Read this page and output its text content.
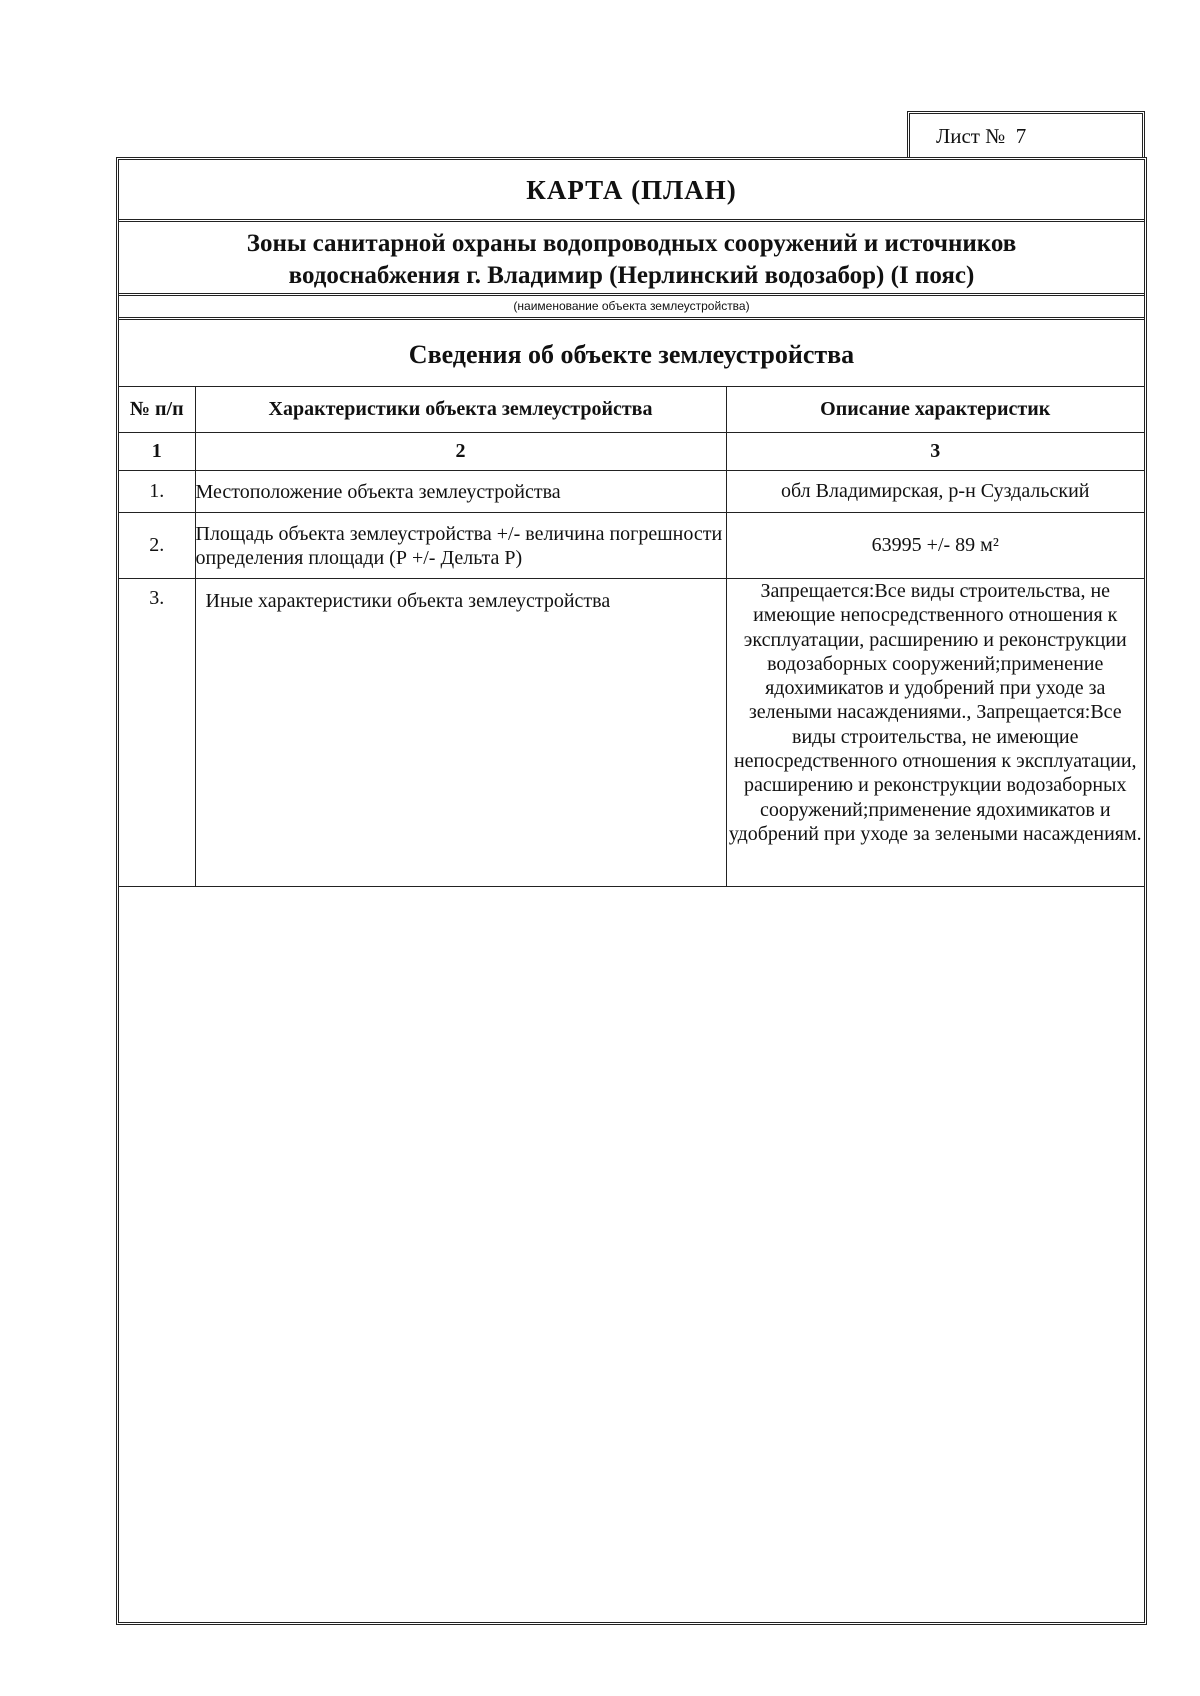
Лист № 7
КАРТА (ПЛАН)
Зоны санитарной охраны водопроводных сооружений и источников
водоснабжения г. Владимир (Нерлинский водозабор) (I пояс)
(наименование объекта землеустройства)
Сведения об объекте землеустройства
№ п/п	Характеристики объекта землеустройства	Описание характеристик
1	2	3
1.	Местоположение объекта землеустройства	обл Владимирская, р-н Суздальский
2.	Площадь объекта землеустройства +/- величина погрешности определения площади (Р +/- Дельта Р)	63995 +/- 89 м²
3.	Иные характеристики объекта землеустройства	Запрещается:Все виды строительства, не имеющие непосредственного отношения к эксплуатации, расширению и реконструкции водозаборных сооружений;применение ядохимикатов и удобрений при уходе за зелеными насаждениями., Запрещается:Все виды строительства, не имеющие непосредственного отношения к эксплуатации, расширению и реконструкции водозаборных сооружений;применение ядохимикатов и удобрений при уходе за зелеными насаждениям.
